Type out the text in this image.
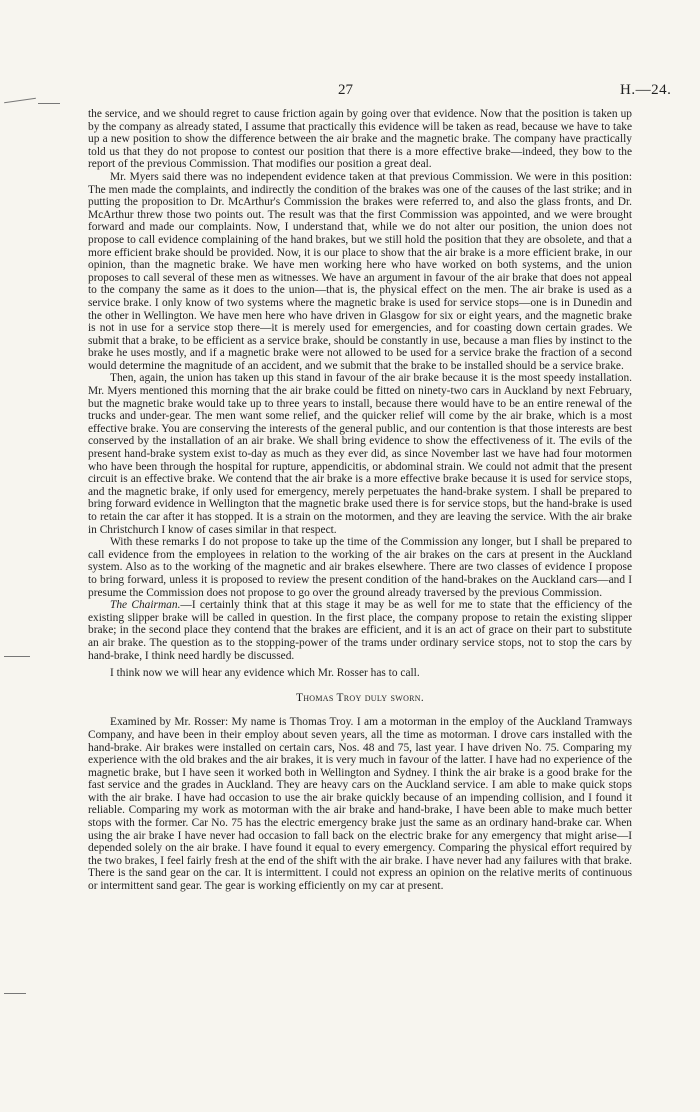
27	H.—24.

the service, and we should regret to cause friction again by going over that evidence. Now that the position is taken up by the company as already stated, I assume that practically this evidence will be taken as read, because we have to take up a new position to show the difference between the air brake and the magnetic brake. The company have practically told us that they do not propose to contest our position that there is a more effective brake—indeed, they bow to the report of the previous Commission. That modifies our position a great deal.

Mr. Myers said there was no independent evidence taken at that previous Commission. We were in this position: The men made the complaints, and indirectly the condition of the brakes was one of the causes of the last strike; and in putting the proposition to Dr. McArthur's Commission the brakes were referred to, and also the glass fronts, and Dr. McArthur threw those two points out. The result was that the first Commission was appointed, and we were brought forward and made our complaints. Now, I understand that, while we do not alter our position, the union does not propose to call evidence complaining of the hand brakes, but we still hold the position that they are obsolete, and that a more efficient brake should be provided. Now, it is our place to show that the air brake is a more efficient brake, in our opinion, than the magnetic brake. We have men working here who have worked on both systems, and the union proposes to call several of these men as witnesses. We have an argument in favour of the air brake that does not appeal to the company the same as it does to the union—that is, the physical effect on the men. The air brake is used as a service brake. I only know of two systems where the magnetic brake is used for service stops—one is in Dunedin and the other in Wellington. We have men here who have driven in Glasgow for six or eight years, and the magnetic brake is not in use for a service stop there—it is merely used for emergencies, and for coasting down certain grades. We submit that a brake, to be efficient as a service brake, should be constantly in use, because a man flies by instinct to the brake he uses mostly, and if a magnetic brake were not allowed to be used for a service brake the fraction of a second would determine the magnitude of an accident, and we submit that the brake to be installed should be a service brake.

Then, again, the union has taken up this stand in favour of the air brake because it is the most speedy installation. Mr. Myers mentioned this morning that the air brake could be fitted on ninety-two cars in Auckland by next February, but the magnetic brake would take up to three years to install, because there would have to be an entire renewal of the trucks and under-gear. The men want some relief, and the quicker relief will come by the air brake, which is a most effective brake. You are conserving the interests of the general public, and our contention is that those interests are best conserved by the installation of an air brake. We shall bring evidence to show the effectiveness of it. The evils of the present hand-brake system exist to-day as much as they ever did, as since November last we have had four motormen who have been through the hospital for rupture, appendicitis, or abdominal strain. We could not admit that the present circuit is an effective brake. We contend that the air brake is a more effective brake because it is used for service stops, and the magnetic brake, if only used for emergency, merely perpetuates the hand-brake system. I shall be prepared to bring forward evidence in Wellington that the magnetic brake used there is for service stops, but the hand-brake is used to retain the car after it has stopped. It is a strain on the motormen, and they are leaving the service. With the air brake in Christchurch I know of cases similar in that respect.

With these remarks I do not propose to take up the time of the Commission any longer, but I shall be prepared to call evidence from the employees in relation to the working of the air brakes on the cars at present in the Auckland system. Also as to the working of the magnetic and air brakes elsewhere. There are two classes of evidence I propose to bring forward, unless it is proposed to review the present condition of the hand-brakes on the Auckland cars—and I presume the Commission does not propose to go over the ground already traversed by the previous Commission.

The Chairman.—I certainly think that at this stage it may be as well for me to state that the efficiency of the existing slipper brake will be called in question. In the first place, the company propose to retain the existing slipper brake; in the second place they contend that the brakes are efficient, and it is an act of grace on their part to substitute an air brake. The question as to the stopping-power of the trams under ordinary service stops, not to stop the cars by hand-brake, I think need hardly be discussed.

I think now we will hear any evidence which Mr. Rosser has to call.

Thomas Troy duly sworn.

Examined by Mr. Rosser: My name is Thomas Troy. I am a motorman in the employ of the Auckland Tramways Company, and have been in their employ about seven years, all the time as motorman. I drove cars installed with the hand-brake. Air brakes were installed on certain cars, Nos. 48 and 75, last year. I have driven No. 75. Comparing my experience with the old brakes and the air brakes, it is very much in favour of the latter. I have had no experience of the magnetic brake, but I have seen it worked both in Wellington and Sydney. I think the air brake is a good brake for the fast service and the grades in Auckland. They are heavy cars on the Auckland service. I am able to make quick stops with the air brake. I have had occasion to use the air brake quickly because of an impending collision, and I found it reliable. Comparing my work as motorman with the air brake and hand-brake, I have been able to make much better stops with the former. Car No. 75 has the electric emergency brake just the same as an ordinary hand-brake car. When using the air brake I have never had occasion to fall back on the electric brake for any emergency that might arise—I depended solely on the air brake. I have found it equal to every emergency. Comparing the physical effort required by the two brakes, I feel fairly fresh at the end of the shift with the air brake. I have never had any failures with that brake. There is the sand gear on the car. It is intermittent. I could not express an opinion on the relative merits of continuous or intermittent sand gear. The gear is working efficiently on my car at present.
